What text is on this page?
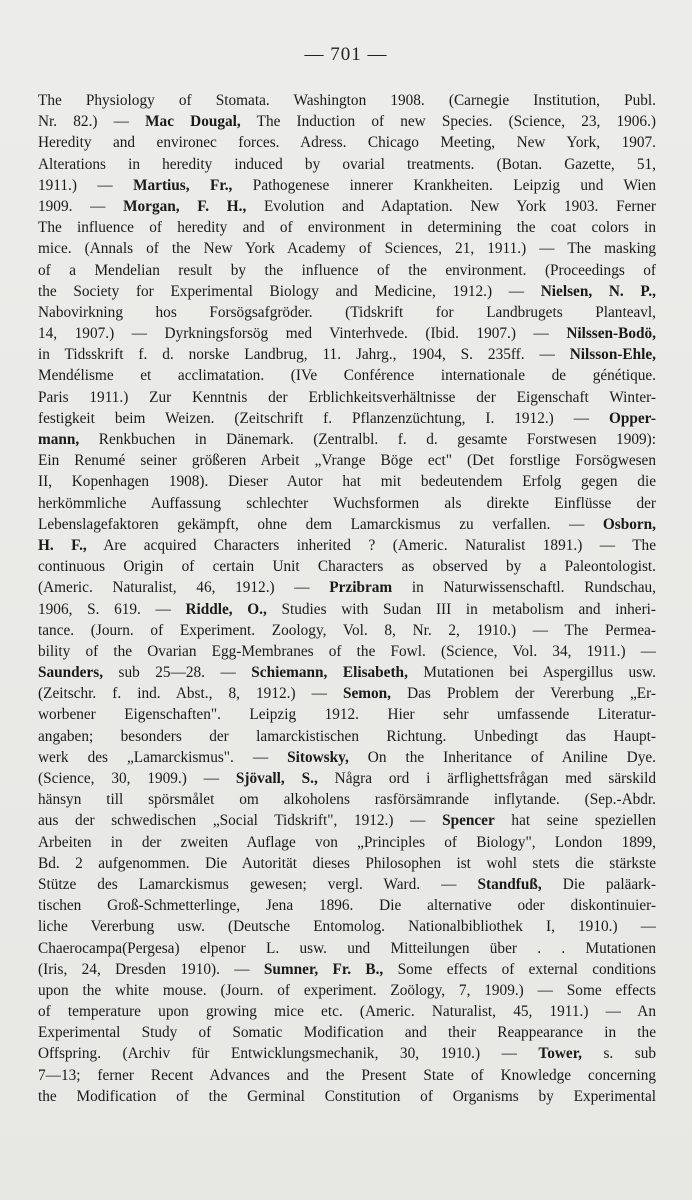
— 701 —
The Physiology of Stomata. Washington 1908. (Carnegie Institution, Publ.
Nr. 82.) — Mac Dougal, The Induction of new Species. (Science, 23, 1906.)
Heredity and environec forces. Adress. Chicago Meeting, New York, 1907.
Alterations in heredity induced by ovarial treatments. (Botan. Gazette, 51,
1911.) — Martius, Fr., Pathogenese innerer Krankheiten. Leipzig und Wien
1909. — Morgan, F. H., Evolution and Adaptation. New York 1903. Ferner
The influence of heredity and of environment in determining the coat colors in
mice. (Annals of the New York Academy of Sciences, 21, 1911.) — The masking
of a Mendelian result by the influence of the environment. (Proceedings of
the Society for Experimental Biology and Medicine, 1912.) — Nielsen, N. P.,
Nabovirkning hos Forsögsafgröder. (Tidskrift for Landbrugets Planteavl,
14, 1907.) — Dyrkningsforsög med Vinterhvede. (Ibid. 1907.) — Nilssen-Bodö,
in Tidsskrift f. d. norske Landbrug, 11. Jahrg., 1904, S. 235ff. — Nilsson-Ehle,
Mendélisme et acclimatation. (IVe Conférence internationale de génétique.
Paris 1911.) Zur Kenntnis der Erblichkeitsverhältnisse der Eigenschaft Winter-
festigkeit beim Weizen. (Zeitschrift f. Pflanzenzüchtung, I. 1912.) — Opper-
mann, Renkbuchen in Dänemark. (Zentralbl. f. d. gesamte Forstwesen 1909):
Ein Renumé seiner größeren Arbeit „Vrange Böge ect" (Det forstlige Forsögwesen
II, Kopenhagen 1908). Dieser Autor hat mit bedeutendem Erfolg gegen die
herkömmliche Auffassung schlechter Wuchsformen als direkte Einflüsse der
Lebenslagefaktoren gekämpft, ohne dem Lamarckismus zu verfallen. — Osborn,
H. F., Are acquired Characters inherited ? (Americ. Naturalist 1891.) — The
continuous Origin of certain Unit Characters as observed by a Paleontologist.
(Americ. Naturalist, 46, 1912.) — Przibram in Naturwissenschaftl. Rundschau,
1906, S. 619. — Riddle, O., Studies with Sudan III in metabolism and inheri-
tance. (Journ. of Experiment. Zoology, Vol. 8, Nr. 2, 1910.) — The Permea-
bility of the Ovarian Egg-Membranes of the Fowl. (Science, Vol. 34, 1911.) —
Saunders, sub 25—28. — Schiemann, Elisabeth, Mutationen bei Aspergillus usw.
(Zeitschr. f. ind. Abst., 8, 1912.) — Semon, Das Problem der Vererbung „Er-
worbener Eigenschaften". Leipzig 1912. Hier sehr umfassende Literatur-
angaben; besonders der lamarckistischen Richtung. Unbedingt das Haupt-
werk des „Lamarckismus". — Sitowsky, On the Inheritance of Aniline Dye.
(Science, 30, 1909.) — Sjövall, S., Några ord i ärflighettsfrågan med särskild
hänsyn till spörsmålet om alkoholens rasförsämrande inflytande. (Sep.-Abdr.
aus der schwedischen „Social Tidskrift", 1912.) — Spencer hat seine speziellen
Arbeiten in der zweiten Auflage von „Principles of Biology", London 1899,
Bd. 2 aufgenommen. Die Autorität dieses Philosophen ist wohl stets die stärkste
Stütze des Lamarckismus gewesen; vergl. Ward. — Standfuß, Die paläark-
tischen Groß-Schmetterlinge, Jena 1896. Die alternative oder diskontinuier-
liche Vererbung usw. (Deutsche Entomolog. Nationalbibliothek I, 1910.) —
Chaerocampa(Pergesa) elpenor L. usw. und Mitteilungen über . . Mutationen
(Iris, 24, Dresden 1910). — Sumner, Fr. B., Some effects of external conditions
upon the white mouse. (Journ. of experiment. Zoölogy, 7, 1909.) — Some effects
of temperature upon growing mice etc. (Americ. Naturalist, 45, 1911.) — An
Experimental Study of Somatic Modification and their Reappearance in the
Offspring. (Archiv für Entwicklungsmechanik, 30, 1910.) — Tower, s. sub
7—13; ferner Recent Advances and the Present State of Knowledge concerning
the Modification of the Germinal Constitution of Organisms by Experimental
